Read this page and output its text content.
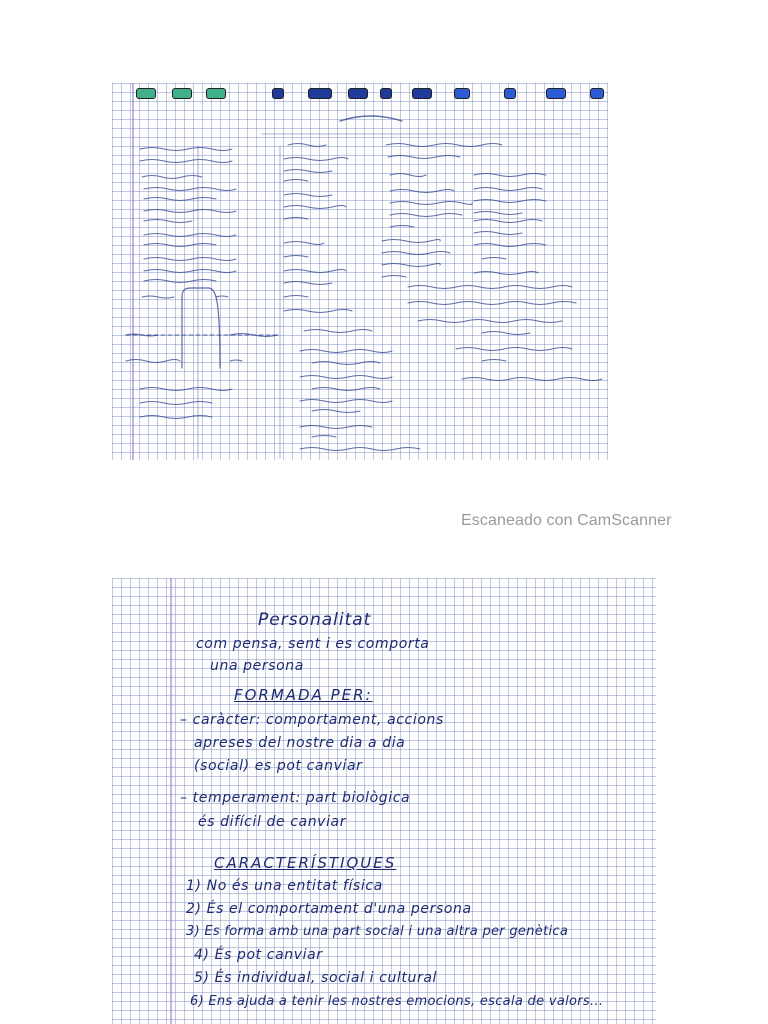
Escaneado con CamScanner
Personalitat
com pensa, sent i es comporta
una persona
FORMADA PER:
– caràcter: comportament, accions
apreses del nostre dia a dia
(social) es pot canviar
– temperament: part biològica
és difícil de canviar
CARACTERÍSTIQUES
1) No és una entitat física
2) És el comportament d'una persona
3) Es forma amb una part social i una altra per genètica
4) És pot canviar
5) És individual, social i cultural
6) Ens ajuda a tenir les nostres emocions, escala de valors...
